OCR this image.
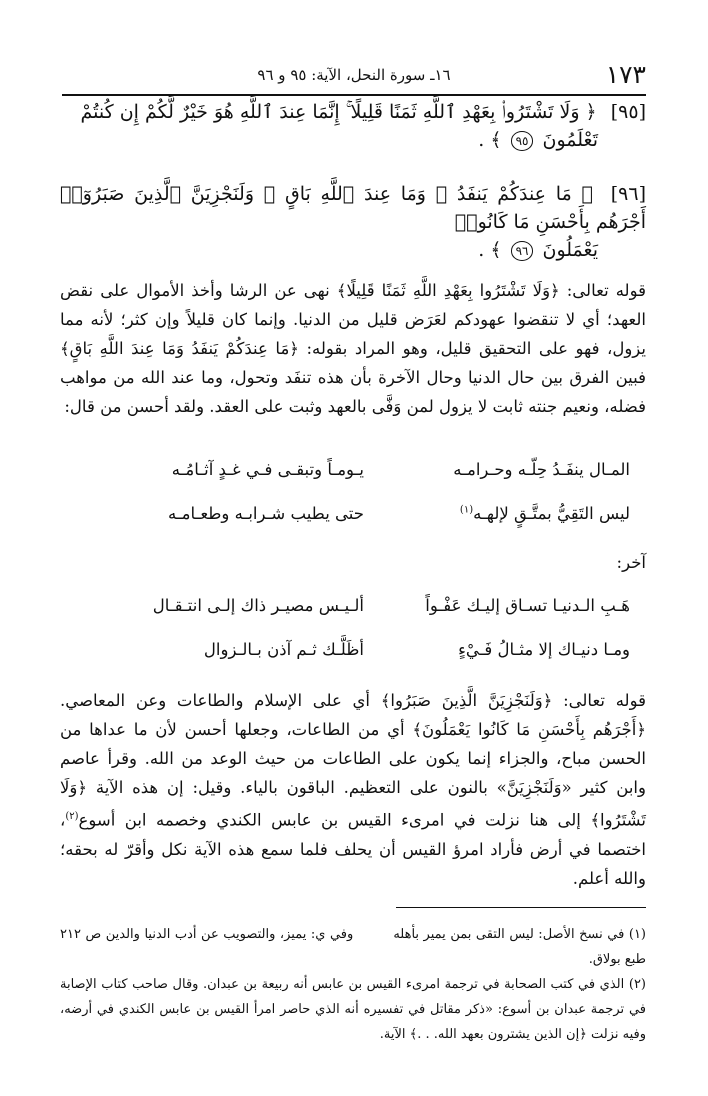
١٧٣
١٦ـ سورة النحل، الآية: ٩٥ و ٩٦
[٩٥] ﴿ وَلَا تَشْتَرُوا۟ بِعَهْدِ ٱللَّهِ ثَمَنًا قَلِيلًا ۚ إِنَّمَا عِندَ ٱللَّهِ هُوَ خَيْرٌ لَّكُمْ إِن كُنتُمْ
تَعْلَمُونَ ٩٥ ﴾ .
[٩٦] ﴿ مَا عِندَكُمْ يَنفَدُ ۖ وَمَا عِندَ ٱللَّهِ بَاقٍ ۗ وَلَنَجْزِيَنَّ ٱلَّذِينَ صَبَرُوٓا۟ أَجْرَهُم بِأَحْسَنِ مَا كَانُوا۟
يَعْمَلُونَ ٩٦ ﴾ .
قوله تعالى: ﴿وَلَا تَشْتَرُوا بِعَهْدِ اللَّهِ ثَمَنًا قَلِيلًا﴾ نهى عن الرشا وأخذ الأموال على نقض العهد؛ أي لا تنقضوا عهودكم لعَرَض قليل من الدنيا. وإنما كان قليلاً وإن كثر؛ لأنه مما يزول، فهو على التحقيق قليل، وهو المراد بقوله: ﴿مَا عِندَكُمْ يَنفَدُ وَمَا عِندَ اللَّهِ بَاقٍ﴾ فبين الفرق بين حال الدنيا وحال الآخرة بأن هذه تنفَد وتحول، وما عند الله من مواهب فضله، ونعيم جنته ثابت لا يزول لمن وَفَّى بالعهد وثبت على العقد. ولقد أحسن من قال:
المـال ينفَـدُ حِلّـه وحـرامـه
يـومـاً وتبقـى فـي غـدٍ آثـامُـه
ليس التَقِيُّ بمتَّـقٍ لإلهـه$^{(١)}$
حتى يطيب شـرابـه وطعـامـه
آخر:
هَـبِ الـدنيـا تسـاق إليـك عَفْـواً
ألـيـس مصيـر ذاك إلـى انتـقـال
ومـا دنيـاك إلا مثـالُ فَـيْءٍ
أظَلَّـك ثـم آذن بـالـزوال
قوله تعالى: ﴿وَلَنَجْزِيَنَّ الَّذِينَ صَبَرُوا﴾ أي على الإسلام والطاعات وعن المعاصي. ﴿أَجْرَهُم بِأَحْسَنِ مَا كَانُوا يَعْمَلُونَ﴾ أي من الطاعات، وجعلها أحسن لأن ما عداها من الحسن مباح، والجزاء إنما يكون على الطاعات من حيث الوعد من الله. وقرأ عاصم وابن كثير «وَلَنَجْزِيَنَّ» بالنون على التعظيم. الباقون بالياء. وقيل: إن هذه الآية ﴿وَلَا تَشْتَرُوا﴾ إلى هنا نزلت في امرىء القيس بن عابس الكندي وخصمه ابن أسوع$^{(٢)}$، اختصما في أرض فأراد امرؤ القيس أن يحلف فلما سمع هذه الآية نكل وأقرّ له بحقه؛ والله أعلم.
(١) في نسخ الأصل: ليس التقى بمن يمير بأهلهوفي ي: يميز، والتصويب عن أدب الدنيا والدين ص ٢١٢ طبع بولاق.
(٢) الذي في كتب الصحابة في ترجمة امرىء القيس بن عابس أنه ربيعة بن عبدان. وقال صاحب كتاب الإصابة في ترجمة عبدان بن أسوع: «ذكر مقاتل في تفسيره أنه الذي حاصر امرأ القيس بن عابس الكندي في أرضه، وفيه نزلت ﴿إن الذين يشترون بعهد الله. . .﴾ الآية.
